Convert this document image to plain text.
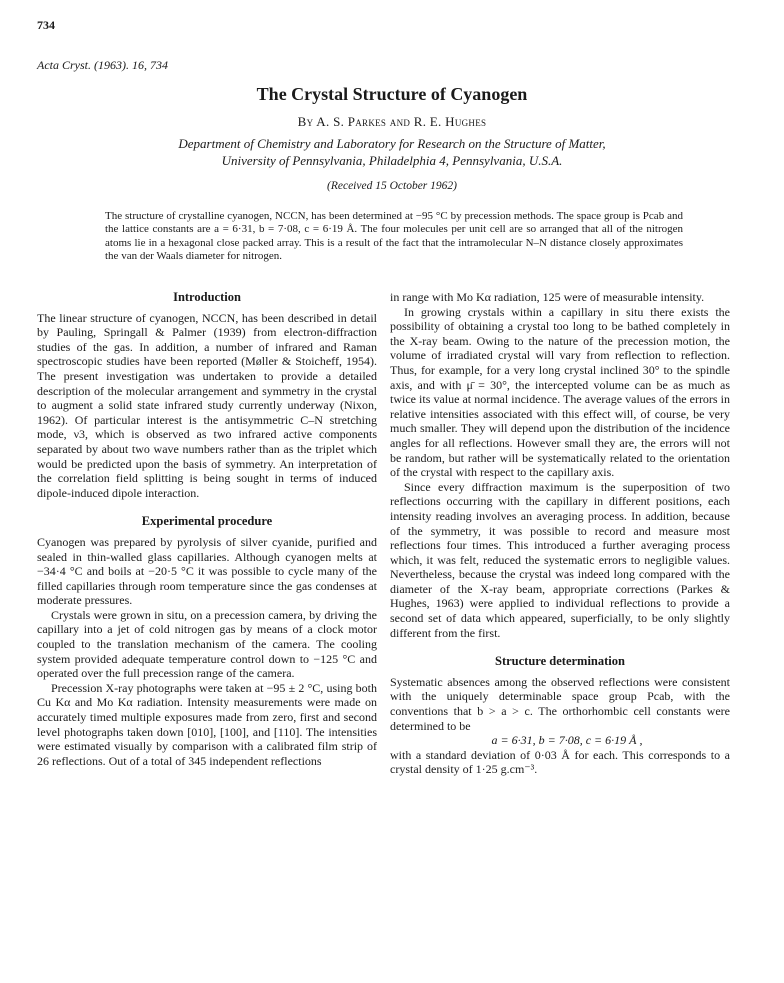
734
Acta Cryst. (1963). 16, 734
The Crystal Structure of Cyanogen
By A. S. Parkes and R. E. Hughes
Department of Chemistry and Laboratory for Research on the Structure of Matter,
University of Pennsylvania, Philadelphia 4, Pennsylvania, U.S.A.
(Received 15 October 1962)
The structure of crystalline cyanogen, NCCN, has been determined at −95 °C by precession methods. The space group is Pcab and the lattice constants are a = 6·31, b = 7·08, c = 6·19 Å. The four molecules per unit cell are so arranged that all of the nitrogen atoms lie in a hexagonal close packed array. This is a result of the fact that the intramolecular N–N distance closely approximates the van der Waals diameter for nitrogen.
Introduction

The linear structure of cyanogen, NCCN, has been described in detail by Pauling, Springall & Palmer (1939) from electron-diffraction studies of the gas. In addition, a number of infrared and Raman spectroscopic studies have been reported (Møller & Stoicheff, 1954). The present investigation was undertaken to provide a detailed description of the molecular arrangement and symmetry in the crystal to augment a solid state infrared study currently underway (Nixon, 1962). Of particular interest is the antisymmetric C–N stretching mode, ν3, which is observed as two infrared active components separated by about two wave numbers rather than as the triplet which would be predicted upon the basis of symmetry. An interpretation of the correlation field splitting is being sought in terms of induced dipole-induced dipole interaction.

Experimental procedure

Cyanogen was prepared by pyrolysis of silver cyanide, purified and sealed in thin-walled glass capillaries. Although cyanogen melts at −34·4 °C and boils at −20·5 °C it was possible to cycle many of the filled capillaries through room temperature since the gas condenses at moderate pressures.

Crystals were grown in situ, on a precession camera, by driving the capillary into a jet of cold nitrogen gas by means of a clock motor coupled to the translation mechanism of the camera. The cooling system provided adequate temperature control down to −125 °C and operated over the full precession range of the camera.

Precession X-ray photographs were taken at −95 ± 2 °C, using both Cu Kα and Mo Kα radiation. Intensity measurements were made on accurately timed multiple exposures made from zero, first and second level photographs taken down [010], [100], and [110]. The intensities were estimated visually by comparison with a calibrated film strip of 26 reflections. Out of a total of 345 independent reflections

in range with Mo Kα radiation, 125 were of measurable intensity.

In growing crystals within a capillary in situ there exists the possibility of obtaining a crystal too long to be bathed completely in the X-ray beam. Owing to the nature of the precession motion, the volume of irradiated crystal will vary from reflection to reflection. Thus, for example, for a very long crystal inclined 30° to the spindle axis, and with μ̄ = 30°, the intercepted volume can be as much as twice its value at normal incidence. The average values of the errors in relative intensities associated with this effect will, of course, be very much smaller. They will depend upon the distribution of the incidence angles for all reflections. However small they are, the errors will not be random, but rather will be systematically related to the orientation of the crystal with respect to the capillary axis.

Since every diffraction maximum is the superposition of two reflections occurring with the capillary in different positions, each intensity reading involves an averaging process. In addition, because of the symmetry, it was possible to record and measure most reflections four times. This introduced a further averaging process which, it was felt, reduced the systematic errors to negligible values. Nevertheless, because the crystal was indeed long compared with the diameter of the X-ray beam, appropriate corrections (Parkes & Hughes, 1963) were applied to individual reflections to provide a second set of data which appeared, superficially, to be only slightly different from the first.

Structure determination

Systematic absences among the observed reflections were consistent with the uniquely determinable space group Pcab, with the conventions that b > a > c. The orthorhombic cell constants were determined to be

a = 6·31, b = 7·08, c = 6·19 Å ,

with a standard deviation of 0·03 Å for each. This corresponds to a crystal density of 1·25 g.cm⁻³.
